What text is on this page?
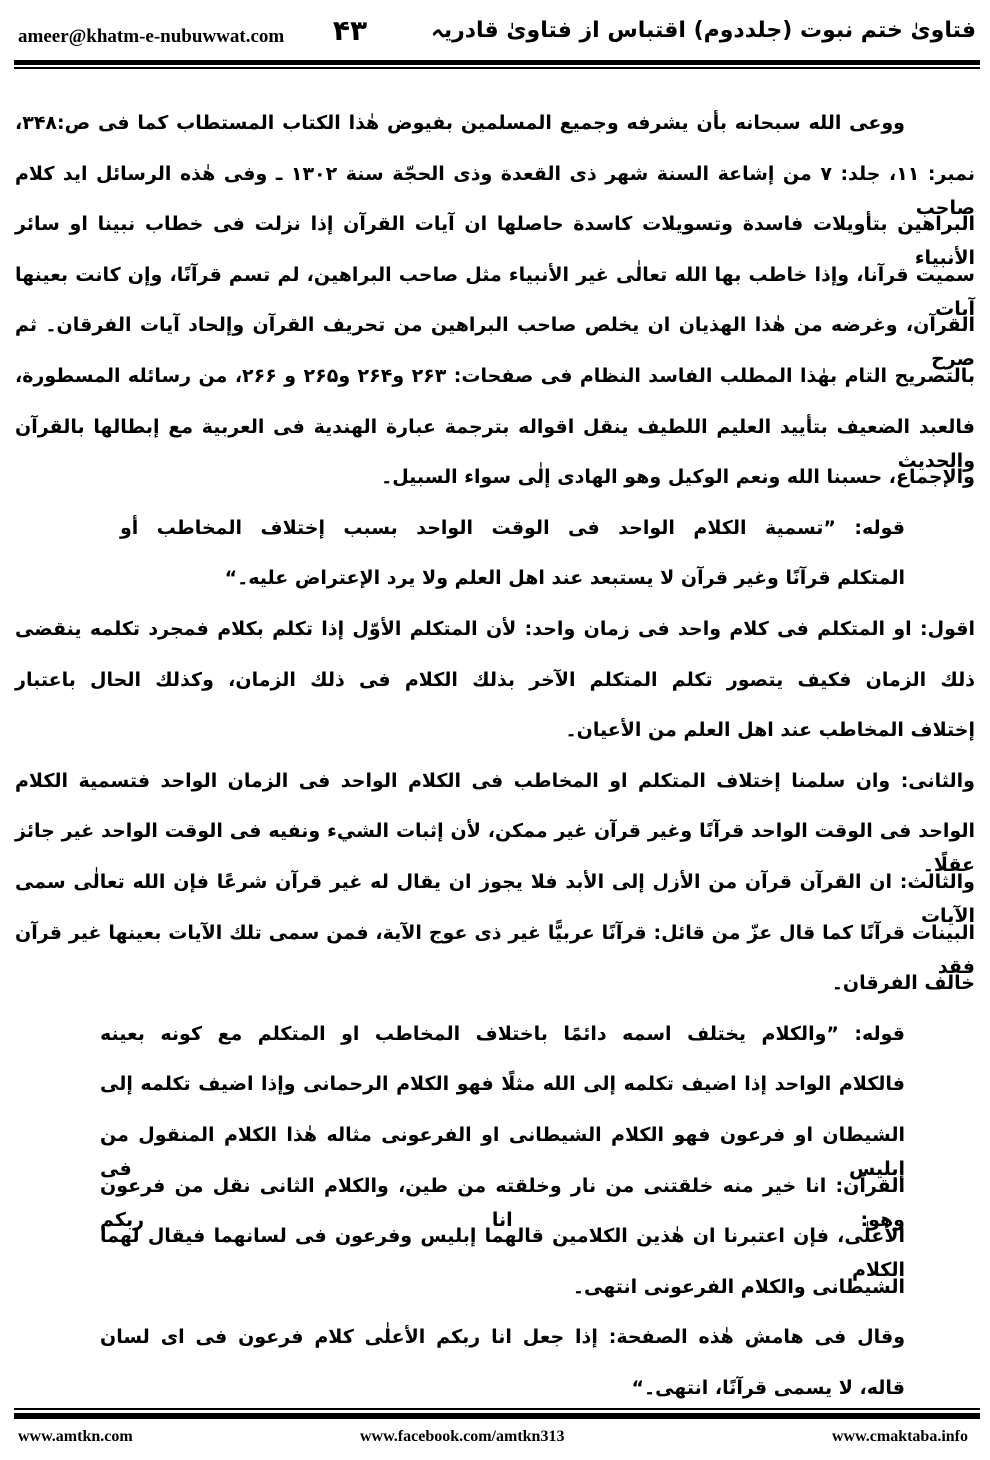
فتاویٰ ختم نبوت (جلددوم) اقتباس از فتاویٰ قادریہ
۴۳
ameer@khatm-e-nubuwwat.com
ووعى الله سبحانه بأن يشرفه وجميع المسلمين بفيوض هٰذا الكتاب المستطاب كما فى ص:۳۴۸،
نمبر: ۱۱، جلد: ۷ من إشاعة السنة شهر ذى القعدة وذى الحجّة سنة ۱۳۰۲ ـ وفى هٰذه الرسائل ايد كلام صاحب
البراهين بتأويلات فاسدة وتسويلات كاسدة حاصلها ان آيات القرآن إذا نزلت فى خطاب نبينا او سائر الأنبياء
سميت قرآنا، وإذا خاطب بها الله تعالٰى غير الأنبياء مثل صاحب البراهين، لم تسم قرآنًا، وإن كانت بعينها آيات
القرآن، وغرضه من هٰذا الهذيان ان يخلص صاحب البراهين من تحريف القرآن وإلحاد آيات الفرقان۔ ثم صرح
بالتصريح التام بهٰذا المطلب الفاسد النظام فى صفحات: ۲۶۳ و۲۶۴ و۲۶۵ و ۲۶۶، من رسائله المسطورة،
فالعبد الضعيف بتأييد العليم اللطيف ينقل اقواله بترجمة عبارة الهندية فى العربية مع إبطالها بالقرآن والحديث
والإجماع، حسبنا الله ونعم الوكيل وهو الهادى إلٰى سواء السبيل۔
قوله: ”تسمية الكلام الواحد فى الوقت الواحد بسبب إختلاف المخاطب أو
المتكلم قرآنًا وغير قرآن لا يستبعد عند اهل العلم ولا يرد الإعتراض عليه۔“
اقول: او المتكلم فى كلام واحد فى زمان واحد: لأن المتكلم الأوّل إذا تكلم بكلام فمجرد تكلمه ينقضى
ذلك الزمان فكيف يتصور تكلم المتكلم الآخر بذلك الكلام فى ذلك الزمان، وكذلك الحال باعتبار
إختلاف المخاطب عند اهل العلم من الأعيان۔
والثانى: وان سلمنا إختلاف المتكلم او المخاطب فى الكلام الواحد فى الزمان الواحد فتسمية الكلام
الواحد فى الوقت الواحد قرآنًا وغير قرآن غير ممكن، لأن إثبات الشيء ونفيه فى الوقت الواحد غير جائز عقلًا۔
والثالث: ان القرآن قرآن من الأزل إلى الأبد فلا يجوز ان يقال له غير قرآن شرعًا فإن الله تعالٰى سمى الآيات
البينات قرآنًا كما قال عزّ من قائل: قرآنًا عربيًّا غير ذى عوج الآية، فمن سمى تلك الآيات بعينها غير قرآن فقد
خالف الفرقان۔
قوله: ”والكلام يختلف اسمه دائمًا باختلاف المخاطب او المتكلم مع كونه بعينه
فالكلام الواحد إذا اضيف تكلمه إلى الله مثلًا فهو الكلام الرحمانى وإذا اضيف تكلمه إلى
الشيطان او فرعون فهو الكلام الشيطانى او الفرعونى مثاله هٰذا الكلام المنقول من إبليس فى
القرآن: انا خير منه خلقتنى من نار وخلقته من طين، والكلام الثانى نقل من فرعون وهو: انا ربكم
الأعلٰى، فإن اعتبرنا ان هٰذين الكلامين قالهما إبليس وفرعون فى لسانهما فيقال لهما الكلام
الشيطانى والكلام الفرعونى انتهى۔
وقال فى هامش هٰذه الصفحة: إذا جعل انا ربكم الأعلٰى كلام فرعون فى اى لسان
قاله، لا يسمى قرآنًا، انتهى۔“
www.amtkn.com	www.facebook.com/amtkn313	www.cmaktaba.info
